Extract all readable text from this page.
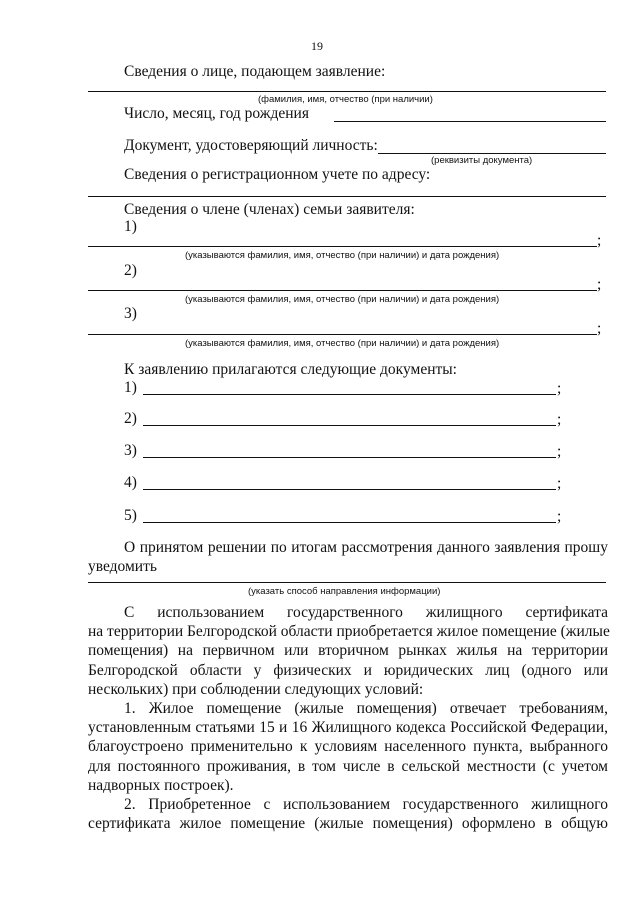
19
Сведения о лице, подающем заявление:
(фамилия, имя, отчество (при наличии)
Число, месяц, год рождения
Документ, удостоверяющий личность:
(реквизиты документа)
Сведения о регистрационном учете по адресу:
Сведения о члене (членах) семьи заявителя:
1)
;
(указываются фамилия, имя, отчество (при наличии) и дата рождения)
2)
;
(указываются фамилия, имя, отчество (при наличии) и дата рождения)
3)
;
(указываются фамилия, имя, отчество (при наличии) и дата рождения)
К заявлению прилагаются следующие документы:
1)	;
2)	;
3)	;
4)	;
5)	;
О принятом решении по итогам рассмотрения данного заявления прошу
уведомить
(указать способ направления информации)
С использованием государственного жилищного сертификата
на территории Белгородской области приобретается жилое помещение (жилые
помещения) на первичном или вторичном рынках жилья на территории
Белгородской области у физических и юридических лиц (одного или
нескольких) при соблюдении следующих условий:
1. Жилое помещение (жилые помещения) отвечает требованиям,
установленным статьями 15 и 16 Жилищного кодекса Российской Федерации,
благоустроено применительно к условиям населенного пункта, выбранного
для постоянного проживания, в том числе в сельской местности (с учетом
надворных построек).
2. Приобретенное с использованием государственного жилищного
сертификата жилое помещение (жилые помещения) оформлено в общую
